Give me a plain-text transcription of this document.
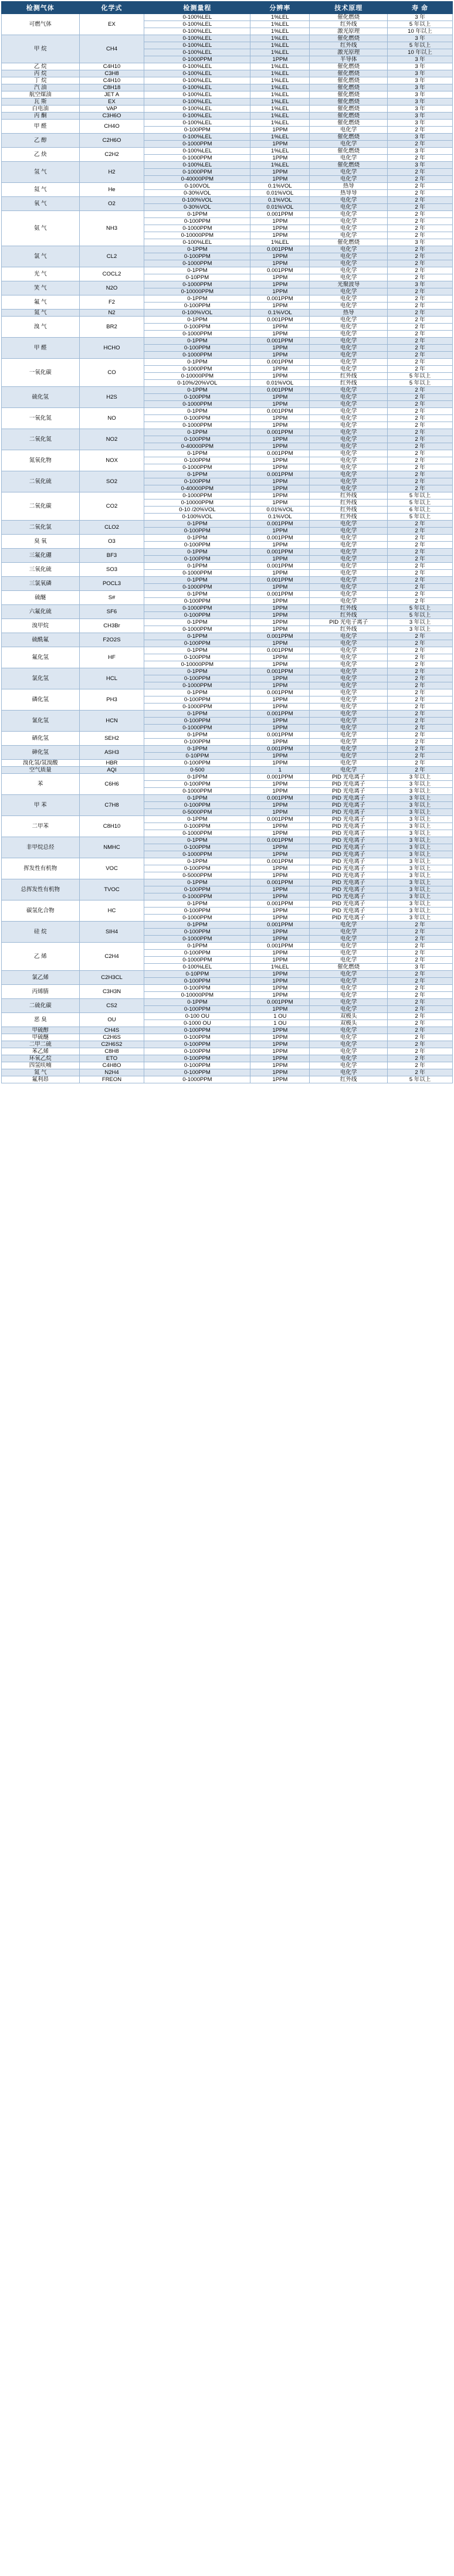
检测气体	化学式	检测量程	分辨率	技术原理	寿 命
可燃气体	EX	0-100%LEL	1%LEL	催化燃烧	3 年
		0-100%LEL	1%LEL	红外线	5 年以上
		0-100%LEL	1%LEL	激光原理	10 年以上
甲 烷	CH4	0-100%LEL	1%LEL	催化燃烧	3 年
		0-100%LEL	1%LEL	红外线	5 年以上
		0-100%LEL	1%LEL	激光原理	10 年以上
		0-1000PPM	1PPM	半导体	3 年
乙 烷	C4H10	0-100%LEL	1%LEL	催化燃烧	3 年
丙 烷	C3H8	0-100%LEL	1%LEL	催化燃烧	3 年
丁 烷	C4H10	0-100%LEL	1%LEL	催化燃烧	3 年
汽 油	C8H18	0-100%LEL	1%LEL	催化燃烧	3 年
航空煤油	JET A	0-100%LEL	1%LEL	催化燃烧	3 年
瓦 斯	EX	0-100%LEL	1%LEL	催化燃烧	3 年
白电油	VAP	0-100%LEL	1%LEL	催化燃烧	3 年
丙 酮	C3H6O	0-100%LEL	1%LEL	催化燃烧	3 年
甲 醛	CH4O	0-100%LEL	1%LEL	催化燃烧	3 年
		0-100PPM	1PPM	电化学	2 年
乙 醇	C2H6O	0-100%LEL	1%LEL	催化燃烧	3 年
		0-1000PPM	1PPM	电化学	2 年
乙 炔	C2H2	0-100%LEL	1%LEL	催化燃烧	3 年
		0-1000PPM	1PPM	电化学	2 年
氢 气	H2	0-100%LEL	1%LEL	催化燃烧	3 年
		0-1000PPM	1PPM	电化学	2 年
		0-40000PPM	1PPM	电化学	2 年
氦 气	He	0-100VOL	0.1%VOL	热导	2 年
		0-30%VOL	0.01%VOL	热导导	2 年
氧 气	O2	0-100%VOL	0.1%VOL	电化学	2 年
		0-30%VOL	0.01%VOL	电化学	2 年
氨 气	NH3	0-1PPM	0.001PPM	电化学	2 年
		0-100PPM	1PPM	电化学	2 年
		0-1000PPM	1PPM	电化学	2 年
		0-10000PPM	1PPM	电化学	2 年
		0-100%LEL	1%LEL	催化燃烧	3 年
氯 气	CL2	0-1PPM	0.001PPM	电化学	2 年
		0-100PPM	1PPM	电化学	2 年
		0-1000PPM	1PPM	电化学	2 年
光 气	COCL2	0-1PPM	0.001PPM	电化学	2 年
		0-10PPM	1PPM	电化学	2 年
笑 气	N2O	0-1000PPM	1PPM	光聚波导	3 年
		0-10000PPM	1PPM	电化学	2 年
氟 气	F2	0-1PPM	0.001PPM	电化学	2 年
		0-100PPM	1PPM	电化学	2 年
氮 气	N2	0-100%VOL	0.1%VOL	热导	2 年
溴 气	BR2	0-1PPM	0.001PPM	电化学	2 年
		0-100PPM	1PPM	电化学	2 年
		0-1000PPM	1PPM	电化学	2 年
甲 醛	HCHO	0-1PPM	0.001PPM	电化学	2 年
		0-100PPM	1PPM	电化学	2 年
		0-1000PPM	1PPM	电化学	2 年
一氧化碳	CO	0-1PPM	0.001PPM	电化学	2 年
		0-1000PPM	1PPM	电化学	2 年
		0-10000PPM	1PPM	红外线	5 年以上
		0-10%/20%VOL	0.01%VOL	红外线	5 年以上
硫化氢	H2S	0-1PPM	0.001PPM	电化学	2 年
		0-100PPM	1PPM	电化学	2 年
		0-1000PPM	1PPM	电化学	2 年
一氧化氮	NO	0-1PPM	0.001PPM	电化学	2 年
		0-100PPM	1PPM	电化学	2 年
		0-1000PPM	1PPM	电化学	2 年
二氧化氮	NO2	0-1PPM	0.001PPM	电化学	2 年
		0-100PPM	1PPM	电化学	2 年
		0-40000PPM	1PPM	电化学	2 年
氮氧化物	NOX	0-1PPM	0.001PPM	电化学	2 年
		0-100PPM	1PPM	电化学	2 年
		0-1000PPM	1PPM	电化学	2 年
二氧化硫	SO2	0-1PPM	0.001PPM	电化学	2 年
		0-100PPM	1PPM	电化学	2 年
		0-40000PPM	1PPM	电化学	2 年
二氧化碳	CO2	0-1000PPM	1PPM	红外线	5 年以上
		0-10000PPM	1PPM	红外线	5 年以上
		0-10 /20%VOL	0.01%VOL	红外线	6 年以上
		0-100%VOL	0.1%VOL	红外线	5 年以上
二氧化氯	CLO2	0-1PPM	0.001PPM	电化学	2 年
		0-100PPM	1PPM	电化学	2 年
臭 氧	O3	0-1PPM	0.001PPM	电化学	2 年
		0-100PPM	1PPM	电化学	2 年
三氟化硼	BF3	0-1PPM	0.001PPM	电化学	2 年
		0-100PPM	1PPM	电化学	2 年
三氧化硫	SO3	0-1PPM	0.001PPM	电化学	2 年
		0-1000PPM	1PPM	电化学	2 年
三氯氧磷	POCL3	0-1PPM	0.001PPM	电化学	2 年
		0-1000PPM	1PPM	电化学	2 年
硫醚	S#	0-1PPM	0.001PPM	电化学	2 年
		0-100PPM	1PPM	电化学	2 年
六氟化硫	SF6	0-1000PPM	1PPM	红外线	5 年以上
		0-100PPM	1PPM	红外线	5 年以上
溴甲烷	CH3Br	0-1PPM	1PPM	PID 光电子离子	3 年以上
		0-1000PPM	1PPM	红外线	3 年以上
硫酰氟	F2O2S	0-1PPM	0.001PPM	电化学	2 年
		0-100PPM	1PPM	电化学	2 年
氟化氢	HF	0-1PPM	0.001PPM	电化学	2 年
		0-100PPM	1PPM	电化学	2 年
		0-10000PPM	1PPM	电化学	2 年
氯化氢	HCL	0-1PPM	0.001PPM	电化学	2 年
		0-100PPM	1PPM	电化学	2 年
		0-1000PPM	1PPM	电化学	2 年
磷化氢	PH3	0-1PPM	0.001PPM	电化学	2 年
		0-100PPM	1PPM	电化学	2 年
		0-1000PPM	1PPM	电化学	2 年
氰化氢	HCN	0-1PPM	0.001PPM	电化学	2 年
		0-100PPM	1PPM	电化学	2 年
		0-1000PPM	1PPM	电化学	2 年
硒化氢	SEH2	0-1PPM	0.001PPM	电化学	2 年
		0-100PPM	1PPM	电化学	2 年
砷化氢	ASH3	0-1PPM	0.001PPM	电化学	2 年
		0-10PPM	1PPM	电化学	2 年
溴化氢/氢溴酸	HBR	0-100PPM	1PPM	电化学	2 年
空气质量	AQI	0-500	1	电化学	2 年
苯	C6H6	0-1PPM	0.001PPM	PID 光电离子	3 年以上
		0-100PPM	1PPM	PID 光电离子	3 年以上
		0-1000PPM	1PPM	PID 光电离子	3 年以上
甲 苯	C7H8	0-1PPM	0.001PPM	PID 光电离子	3 年以上
		0-100PPM	1PPM	PID 光电离子	3 年以上
		0-5000PPM	1PPM	PID 光电离子	3 年以上
二甲苯	C8H10	0-1PPM	0.001PPM	PID 光电离子	3 年以上
		0-100PPM	1PPM	PID 光电离子	3 年以上
		0-1000PPM	1PPM	PID 光电离子	3 年以上
非甲烷总烃	NMHC	0-1PPM	0.001PPM	PID 光电离子	3 年以上
		0-100PPM	1PPM	PID 光电离子	3 年以上
		0-1000PPM	1PPM	PID 光电离子	3 年以上
挥发性有机物	VOC	0-1PPM	0.001PPM	PID 光电离子	3 年以上
		0-100PPM	1PPM	PID 光电离子	3 年以上
		0-5000PPM	1PPM	PID 光电离子	3 年以上
总挥发性有机物	TVOC	0-1PPM	0.001PPM	PID 光电离子	3 年以上
		0-100PPM	1PPM	PID 光电离子	3 年以上
		0-1000PPM	1PPM	PID 光电离子	3 年以上
碳氢化合物	HC	0-1PPM	0.001PPM	PID 光电离子	3 年以上
		0-100PPM	1PPM	PID 光电离子	3 年以上
		0-1000PPM	1PPM	PID 光电离子	3 年以上
硅 烷	SIH4	0-1PPM	0.001PPM	电化学	2 年
		0-100PPM	1PPM	电化学	2 年
		0-1000PPM	1PPM	电化学	2 年
乙 烯	C2H4	0-1PPM	0.001PPM	电化学	2 年
		0-100PPM	1PPM	电化学	2 年
		0-1000PPM	1PPM	电化学	2 年
		0-100%LEL	1%LEL	催化燃烧	3 年
氯乙烯	C2H3CL	0-10PPM	1PPM	电化学	2 年
		0-100PPM	1PPM	电化学	2 年
丙烯腈	C3H3N	0-100PPM	1PPM	电化学	2 年
		0-10000PPM	1PPM	电化学	2 年
二硫化碳	CS2	0-1PPM	0.001PPM	电化学	2 年
		0-100PPM	1PPM	电化学	2 年
恶 臭	OU	0-100 OU	1 OU	双极头	2 年
		0-1000 OU	1 OU	双极头	2 年
甲硫醇	CH4S	0-100PPM	1PPM	电化学	2 年
甲硫醚	C2H6S	0-100PPM	1PPM	电化学	2 年
二甲二硫	C2H6S2	0-100PPM	1PPM	电化学	2 年
苯乙烯	C8H8	0-100PPM	1PPM	电化学	2 年
环氧乙烷	ETO	0-100PPM	1PPM	电化学	2 年
四氢呋喃	C4H8O	0-100PPM	1PPM	电化学	2 年
氮 气	N2H4	0-100PPM	1PPM	电化学	2 年
氟利昂	FREON	0-1000PPM	1PPM	红外线	5 年以上
